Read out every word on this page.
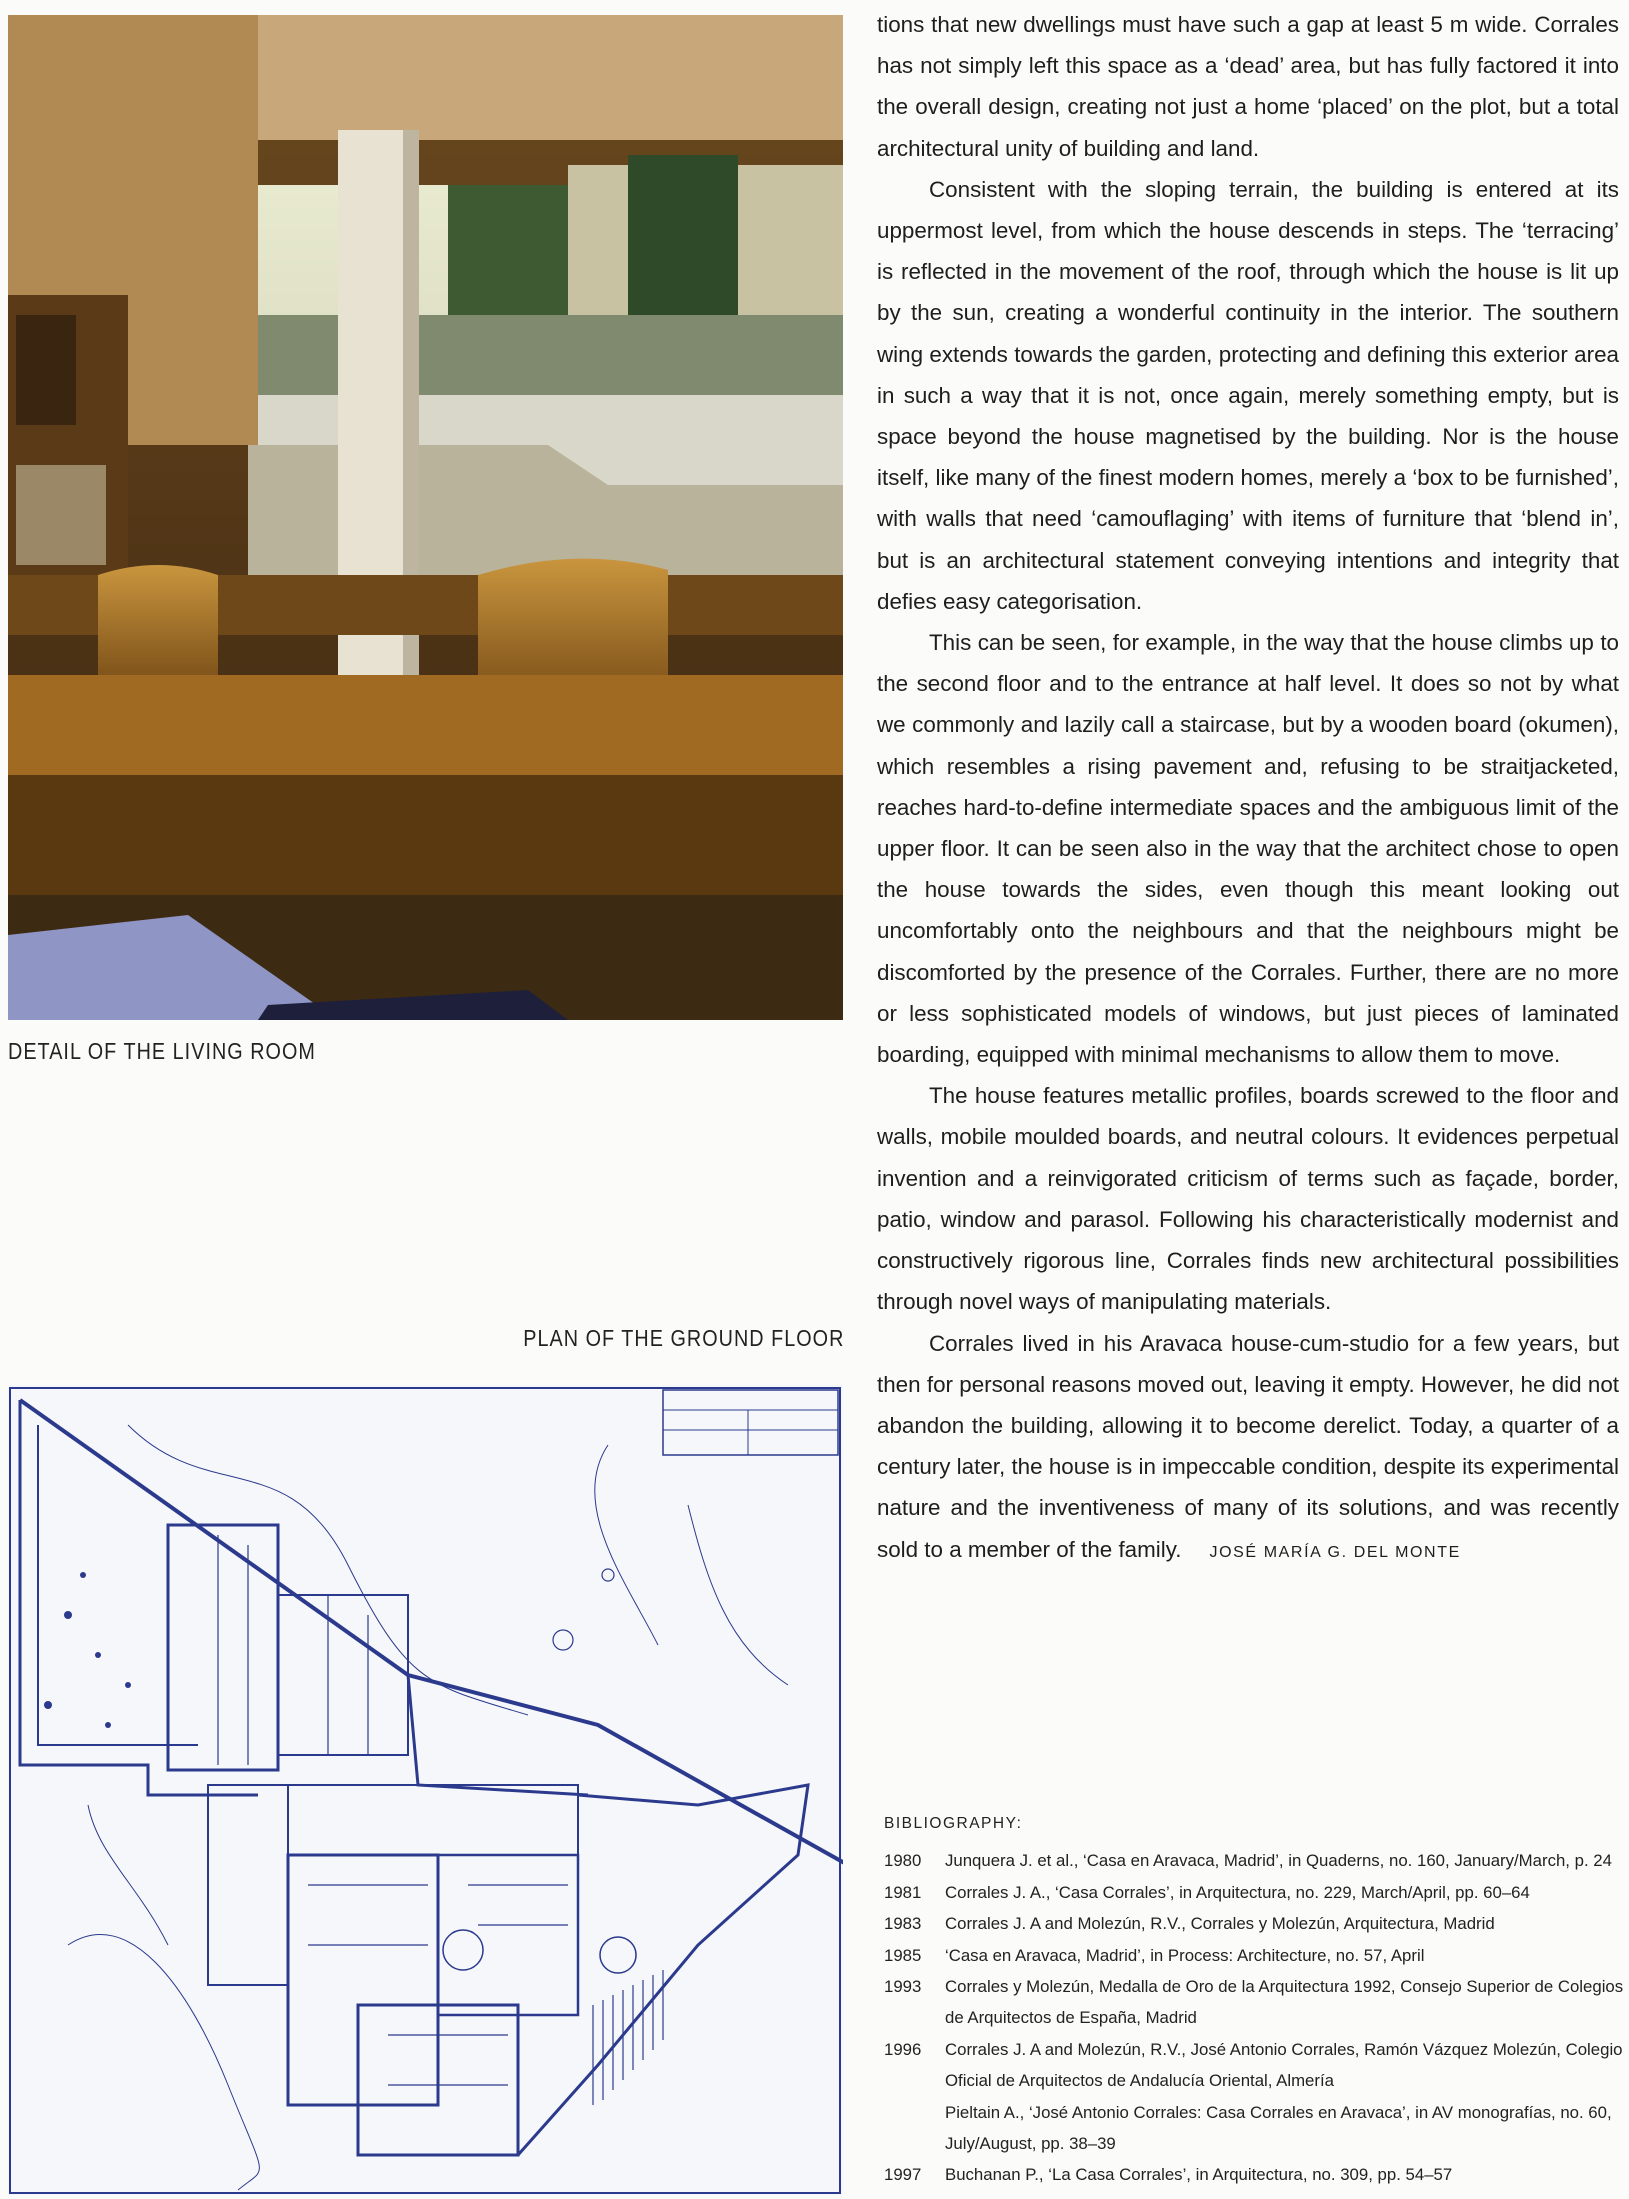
DETAIL OF THE LIVING ROOM
PLAN OF THE GROUND FLOOR

tions that new dwellings must have such a gap at least 5 m wide. Corrales has not simply left this space as a ‘dead’ area, but has fully factored it into the overall design, creating not just a home ‘placed’ on the plot, but a total architectural unity of building and land.

Consistent with the sloping terrain, the building is entered at its uppermost level, from which the house descends in steps. The ‘terracing’ is reflected in the movement of the roof, through which the house is lit up by the sun, creating a wonderful continuity in the interior. The southern wing extends towards the garden, protecting and defining this exterior area in such a way that it is not, once again, merely something empty, but is space beyond the house magnetised by the building. Nor is the house itself, like many of the finest modern homes, merely a ‘box to be furnished’, with walls that need ‘camouflaging’ with items of furniture that ‘blend in’, but is an architectural statement conveying intentions and integrity that defies easy categorisation.

This can be seen, for example, in the way that the house climbs up to the second floor and to the entrance at half level. It does so not by what we commonly and lazily call a staircase, but by a wooden board (okumen), which resembles a rising pavement and, refusing to be straitjacketed, reaches hard-to-define intermediate spaces and the ambiguous limit of the upper floor. It can be seen also in the way that the architect chose to open the house towards the sides, even though this meant looking out uncomfortably onto the neighbours and that the neighbours might be discomforted by the presence of the Corrales. Further, there are no more or less sophisticated models of windows, but just pieces of laminated boarding, equipped with minimal mechanisms to allow them to move.

The house features metallic profiles, boards screwed to the floor and walls, mobile moulded boards, and neutral colours. It evidences perpetual invention and a reinvigorated criticism of terms such as façade, border, patio, window and parasol. Following his characteristically modernist and constructively rigorous line, Corrales finds new architectural possibilities through novel ways of manipulating materials.

Corrales lived in his Aravaca house-cum-studio for a few years, but then for personal reasons moved out, leaving it empty. However, he did not abandon the building, allowing it to become derelict. Today, a quarter of a century later, the house is in impeccable condition, despite its experimental nature and the inventiveness of many of its solutions, and was recently sold to a member of the family. JOSÉ MARÍA G. DEL MONTE

BIBLIOGRAPHY:
1980	Junquera J. et al., ‘Casa en Aravaca, Madrid’, in Quaderns, no. 160, January/March, p. 24
1981	Corrales J. A., ‘Casa Corrales’, in Arquitectura, no. 229, March/April, pp. 60–64
1983	Corrales J. A and Molezún, R.V., Corrales y Molezún, Arquitectura, Madrid
1985	‘Casa en Aravaca, Madrid’, in Process: Architecture, no. 57, April
1993	Corrales y Molezún, Medalla de Oro de la Arquitectura 1992, Consejo Superior de Colegios de Arquitectos de España, Madrid
1996	Corrales J. A and Molezún, R.V., José Antonio Corrales, Ramón Vázquez Molezún, Colegio Oficial de Arquitectos de Andalucía Oriental, Almería
Pieltain A., ‘José Antonio Corrales: Casa Corrales en Aravaca’, in AV monografías, no. 60, July/August, pp. 38–39
1997	Buchanan P., ‘La Casa Corrales’, in Arquitectura, no. 309, pp. 54–57
